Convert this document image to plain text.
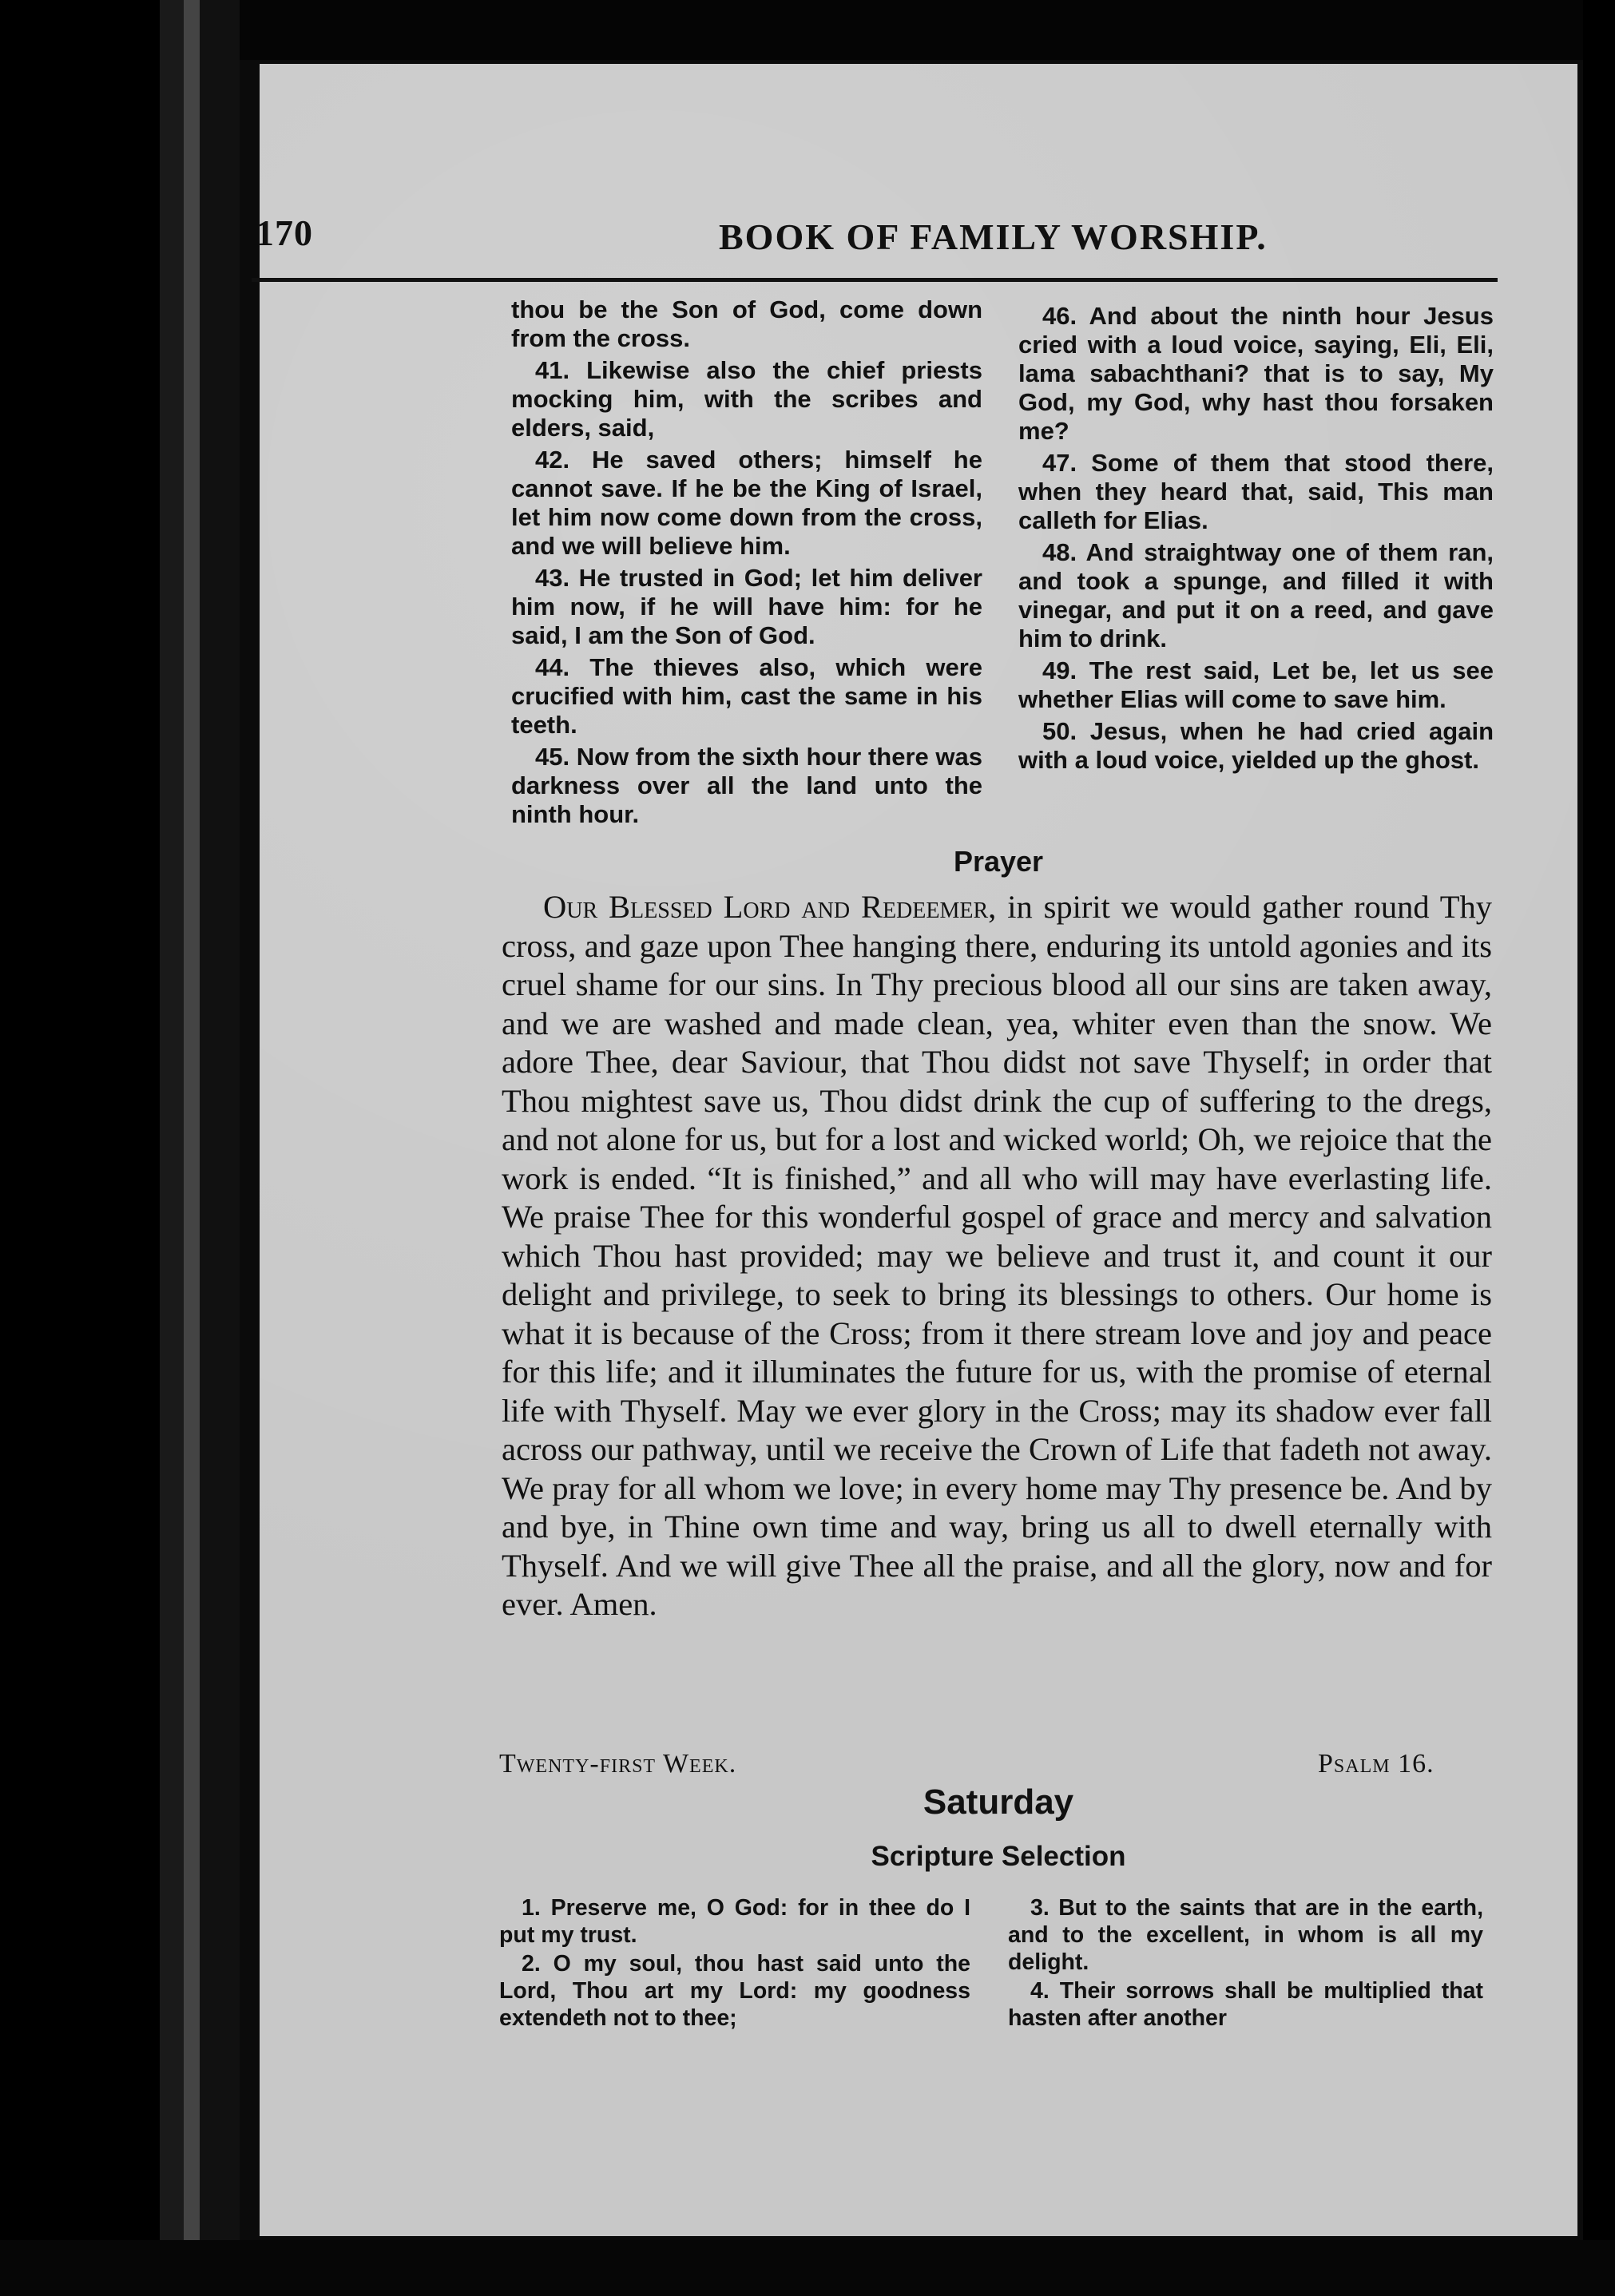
170	BOOK OF FAMILY WORSHIP.

thou be the Son of God, come down from the cross.

41. Likewise also the chief priests mocking him, with the scribes and elders, said,

42. He saved others; himself he cannot save. If he be the King of Israel, let him now come down from the cross, and we will believe him.

43. He trusted in God; let him deliver him now, if he will have him: for he said, I am the Son of God.

44. The thieves also, which were crucified with him, cast the same in his teeth.

45. Now from the sixth hour there was darkness over all the land unto the ninth hour.

46. And about the ninth hour Jesus cried with a loud voice, saying, Eli, Eli, lama sabachthani? that is to say, My God, my God, why hast thou forsaken me?

47. Some of them that stood there, when they heard that, said, This man calleth for Elias.

48. And straightway one of them ran, and took a spunge, and filled it with vinegar, and put it on a reed, and gave him to drink.

49. The rest said, Let be, let us see whether Elias will come to save him.

50. Jesus, when he had cried again with a loud voice, yielded up the ghost.

Prayer
Our Blessed Lord and Redeemer, in spirit we would gather round Thy cross, and gaze upon Thee hanging there, enduring its untold agonies and its cruel shame for our sins. In Thy precious blood all our sins are taken away, and we are washed and made clean, yea, whiter even than the snow. We adore Thee, dear Saviour, that Thou didst not save Thyself; in order that Thou mightest save us, Thou didst drink the cup of suffering to the dregs, and not alone for us, but for a lost and wicked world; Oh, we rejoice that the work is ended. “It is finished,” and all who will may have everlasting life. We praise Thee for this wonderful gospel of grace and mercy and salvation which Thou hast provided; may we believe and trust it, and count it our delight and privilege, to seek to bring its blessings to others. Our home is what it is because of the Cross; from it there stream love and joy and peace for this life; and it illuminates the future for us, with the promise of eternal life with Thyself. May we ever glory in the Cross; may its shadow ever fall across our pathway, until we receive the Crown of Life that fadeth not away. We pray for all whom we love; in every home may Thy presence be. And by and bye, in Thine own time and way, bring us all to dwell eternally with Thyself. And we will give Thee all the praise, and all the glory, now and for ever. Amen.
Twenty-first Week.	Psalm 16.
Saturday
Scripture Selection

1. Preserve me, O God: for in thee do I put my trust.

2. O my soul, thou hast said unto the Lord, Thou art my Lord: my goodness extendeth not to thee;

3. But to the saints that are in the earth, and to the excellent, in whom is all my delight.

4. Their sorrows shall be multiplied that hasten after another
